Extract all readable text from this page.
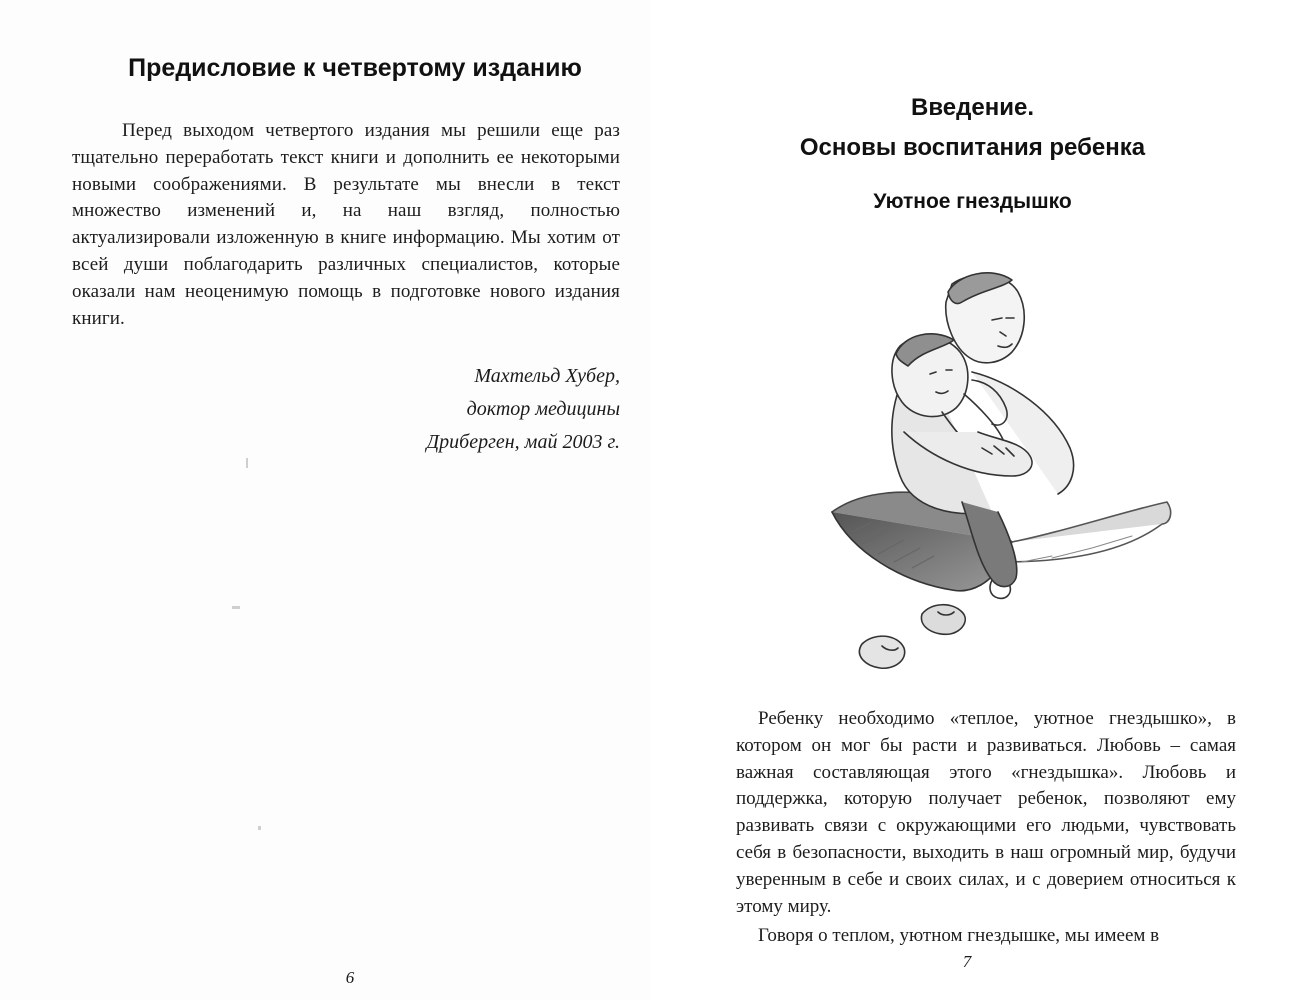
Предисловие к четвертому изданию

Перед выходом четвертого издания мы решили еще раз тщательно переработать текст книги и дополнить ее некоторыми новыми соображениями. В результате мы внесли в текст множество изменений и, на наш взгляд, полностью актуализировали изложенную в книге информацию. Мы хотим от всей души поблагодарить различных специалистов, которые оказали нам неоценимую помощь в подготовке нового издания книги.

Махтельд Хубер,
доктор медицины
Дриберген, май 2003 г.
6
Введение.
Основы воспитания ребенка
Уютное гнездышко

Ребенку необходимо «теплое, уютное гнездышко», в котором он мог бы расти и развиваться. Любовь – самая важная составляющая этого «гнездышка». Любовь и поддержка, которую получает ребенок, позволяют ему развивать связи с окружающими его людьми, чувствовать себя в безопасности, выходить в наш огромный мир, будучи уверенным в себе и своих силах, и с доверием относиться к этому миру.

Говоря о теплом, уютном гнездышке, мы имеем в

7
